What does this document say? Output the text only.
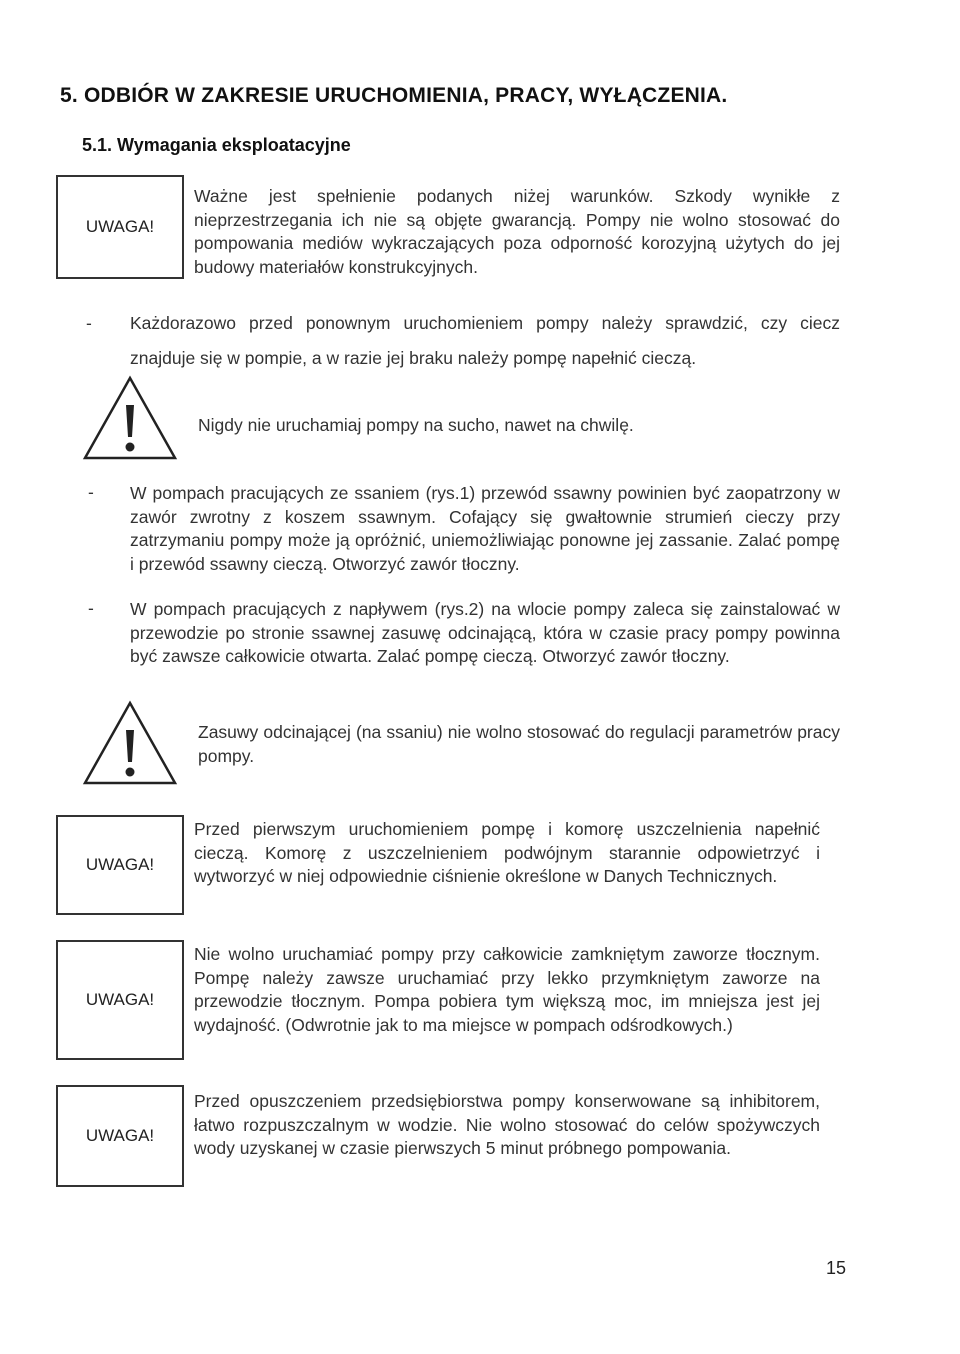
5. ODBIÓR W ZAKRESIE URUCHOMIENIA, PRACY, WYŁĄCZENIA.
5.1. Wymagania eksploatacyjne
UWAGA!
Ważne jest spełnienie podanych niżej warunków. Szkody wynikłe z nieprzestrzegania ich nie są objęte gwarancją. Pompy nie wolno stosować do pompowania mediów wykraczających poza odporność korozyjną użytych do jej budowy materiałów konstrukcyjnych.
- Każdorazowo przed ponownym uruchomieniem pompy należy sprawdzić, czy ciecz znajduje się w pompie, a w razie jej braku należy pompę napełnić cieczą.
Nigdy nie uruchamiaj pompy na sucho, nawet na chwilę.
- W pompach pracujących ze ssaniem (rys.1) przewód ssawny powinien być zaopatrzony w zawór zwrotny z koszem ssawnym. Cofający się gwałtownie strumień cieczy przy zatrzymaniu pompy może ją opróżnić, uniemożliwiając ponowne jej zassanie. Zalać pompę i przewód ssawny cieczą. Otworzyć zawór tłoczny.
- W pompach pracujących z napływem (rys.2) na wlocie pompy zaleca się zainstalować w przewodzie po stronie ssawnej zasuwę odcinającą, która w czasie pracy pompy powinna być zawsze całkowicie otwarta. Zalać pompę cieczą. Otworzyć zawór tłoczny.
Zasuwy odcinającej (na ssaniu) nie wolno stosować do regulacji parametrów pracy pompy.
UWAGA!
Przed pierwszym uruchomieniem pompę i komorę uszczelnienia napełnić cieczą. Komorę z uszczelnieniem podwójnym starannie odpowietrzyć i wytworzyć w niej odpowiednie ciśnienie określone w Danych Technicznych.
UWAGA!
Nie wolno uruchamiać pompy przy całkowicie zamkniętym zaworze tłocznym. Pompę należy zawsze uruchamiać przy lekko przymkniętym zaworze na przewodzie tłocznym. Pompa pobiera tym większą moc, im mniejsza jest jej wydajność. (Odwrotnie jak to ma miejsce w pompach odśrodkowych.)
UWAGA!
Przed opuszczeniem przedsiębiorstwa pompy konserwowane są inhibitorem, łatwo rozpuszczalnym w wodzie. Nie wolno stosować do celów spożywczych wody uzyskanej w czasie pierwszych 5 minut próbnego pompowania.
15
